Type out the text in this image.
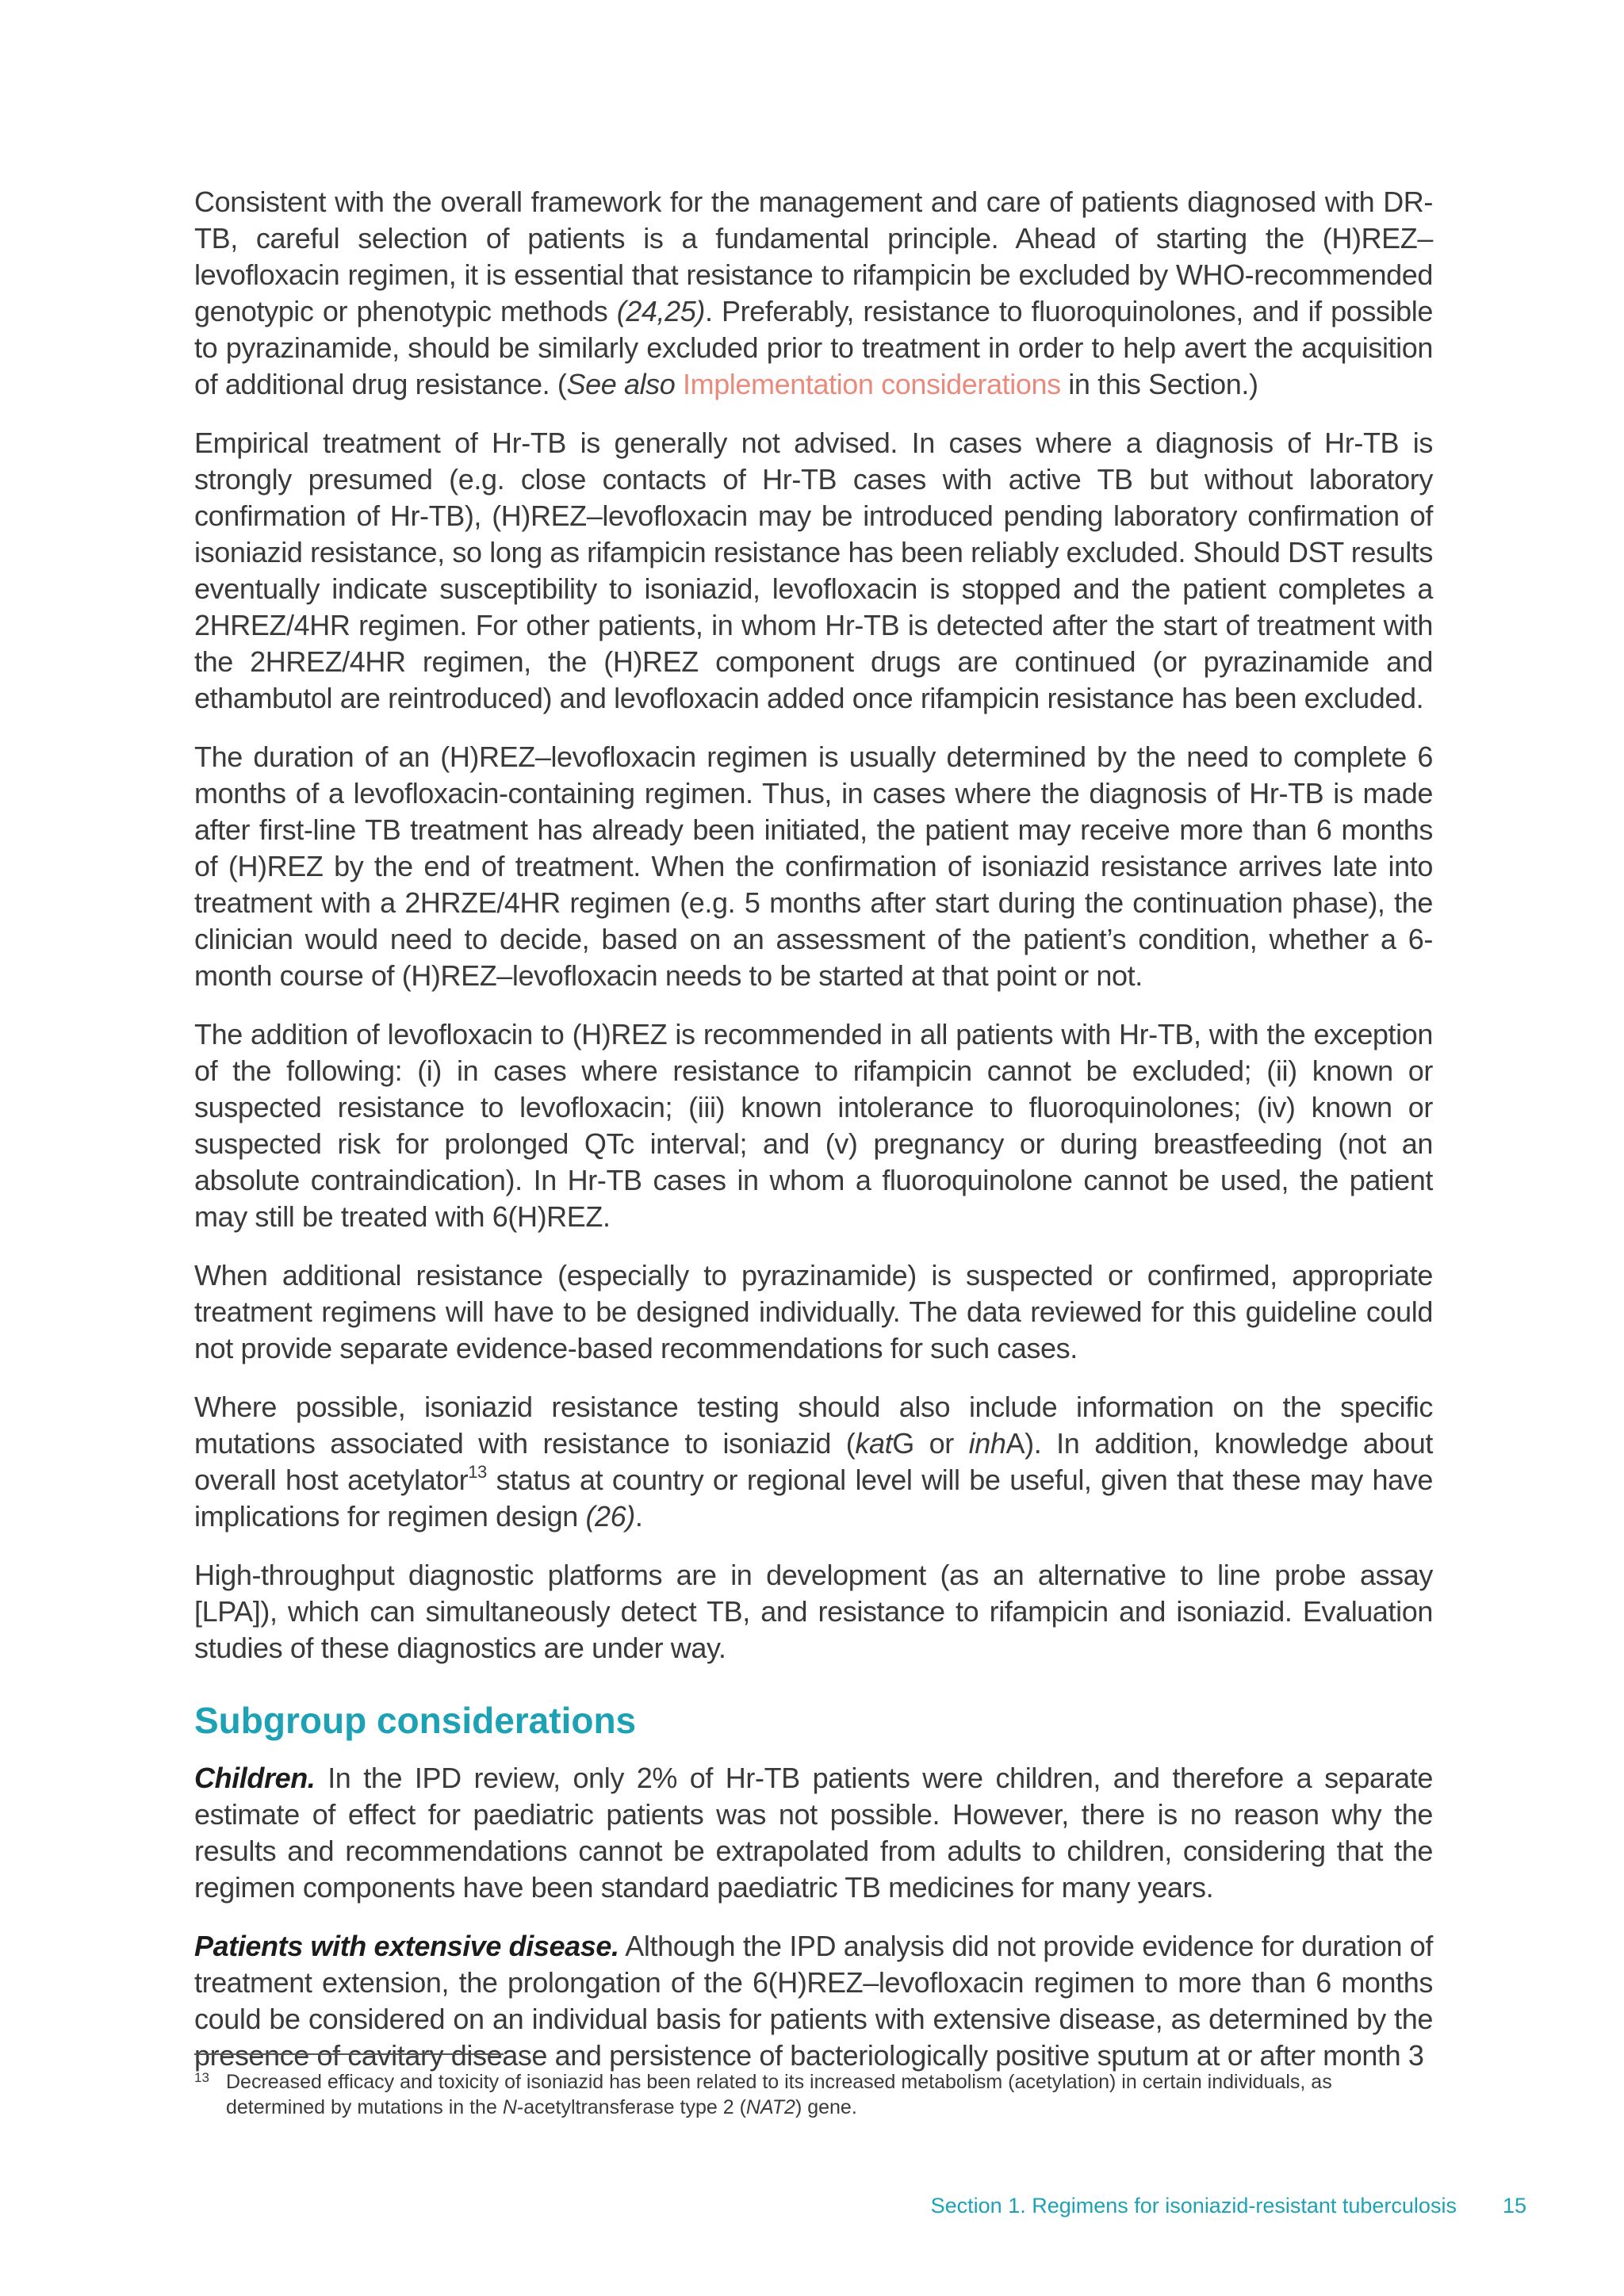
Consistent with the overall framework for the management and care of patients diagnosed with DR-TB, careful selection of patients is a fundamental principle. Ahead of starting the (H)REZ–levofloxacin regimen, it is essential that resistance to rifampicin be excluded by WHO-recommended genotypic or phenotypic methods (24,25). Preferably, resistance to fluoroquinolones, and if possible to pyrazinamide, should be similarly excluded prior to treatment in order to help avert the acquisition of additional drug resistance. (See also Implementation considerations in this Section.)

Empirical treatment of Hr-TB is generally not advised. In cases where a diagnosis of Hr-TB is strongly presumed (e.g. close contacts of Hr-TB cases with active TB but without laboratory confirmation of Hr-TB), (H)REZ–levofloxacin may be introduced pending laboratory confirmation of isoniazid resistance, so long as rifampicin resistance has been reliably excluded. Should DST results eventually indicate susceptibility to isoniazid, levofloxacin is stopped and the patient completes a 2HREZ/4HR regimen. For other patients, in whom Hr-TB is detected after the start of treatment with the 2HREZ/4HR regimen, the (H)REZ component drugs are continued (or pyrazinamide and ethambutol are reintroduced) and levofloxacin added once rifampicin resistance has been excluded.

The duration of an (H)REZ–levofloxacin regimen is usually determined by the need to complete 6 months of a levofloxacin-containing regimen. Thus, in cases where the diagnosis of Hr-TB is made after first-line TB treatment has already been initiated, the patient may receive more than 6 months of (H)REZ by the end of treatment. When the confirmation of isoniazid resistance arrives late into treatment with a 2HRZE/4HR regimen (e.g. 5 months after start during the continuation phase), the clinician would need to decide, based on an assessment of the patient’s condition, whether a 6-month course of (H)REZ–levofloxacin needs to be started at that point or not.

The addition of levofloxacin to (H)REZ is recommended in all patients with Hr-TB, with the exception of the following: (i) in cases where resistance to rifampicin cannot be excluded; (ii) known or suspected resistance to levofloxacin; (iii) known intolerance to fluoroquinolones; (iv) known or suspected risk for prolonged QTc interval; and (v) pregnancy or during breastfeeding (not an absolute contraindication). In Hr-TB cases in whom a fluoroquinolone cannot be used, the patient may still be treated with 6(H)REZ.

When additional resistance (especially to pyrazinamide) is suspected or confirmed, appropriate treatment regimens will have to be designed individually. The data reviewed for this guideline could not provide separate evidence-based recommendations for such cases.

Where possible, isoniazid resistance testing should also include information on the specific mutations associated with resistance to isoniazid (katG or inhA). In addition, knowledge about overall host acetylator$^{13}$ status at country or regional level will be useful, given that these may have implications for regimen design (26).

High-throughput diagnostic platforms are in development (as an alternative to line probe assay [LPA]), which can simultaneously detect TB, and resistance to rifampicin and isoniazid. Evaluation studies of these diagnostics are under way.

Subgroup considerations

Children. In the IPD review, only 2% of Hr-TB patients were children, and therefore a separate estimate of effect for paediatric patients was not possible. However, there is no reason why the results and recommendations cannot be extrapolated from adults to children, considering that the regimen components have been standard paediatric TB medicines for many years.

Patients with extensive disease. Although the IPD analysis did not provide evidence for duration of treatment extension, the prolongation of the 6(H)REZ–levofloxacin regimen to more than 6 months could be considered on an individual basis for patients with extensive disease, as determined by the presence of cavitary disease and persistence of bacteriologically positive sputum at or after month 3

13 Decreased efficacy and toxicity of isoniazid has been related to its increased metabolism (acetylation) in certain individuals, as determined by mutations in the N-acetyltransferase type 2 (NAT2) gene.
Section 1. Regimens for isoniazid-resistant tuberculosis 15
